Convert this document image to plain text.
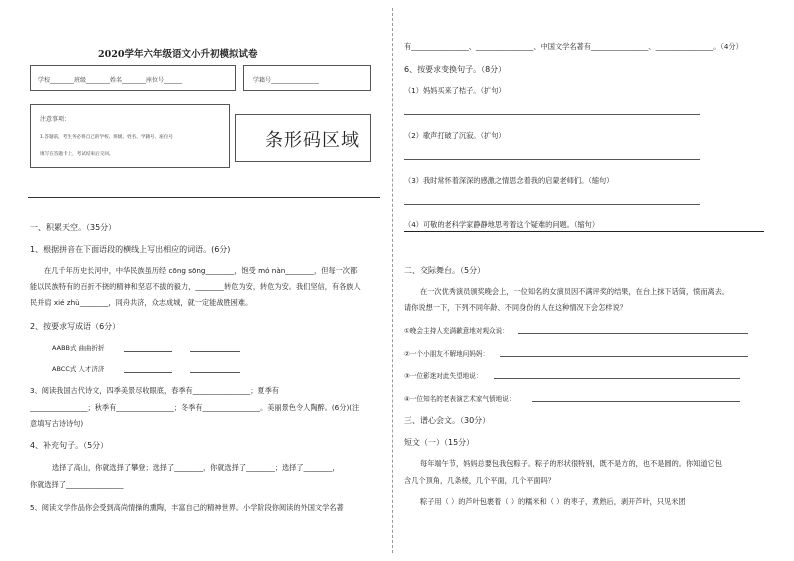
2020学年六年级语文小升初模拟试卷
学校________班级________姓名________座位号______	学籍号________________
注意事项：
1.答题前，考生务必将自己的学校、班级、姓名、学籍号、座位号
填写在答题卡上，考试结束后交回。
条形码区域
一、积累天空。（35分）
1、根据拼音在下面语段的横线上写出相应的词语。(6分)
在几千年历史长河中，中华民族虽历经 cōng sōng________，饱受 mó nàn________，但每一次都
能以民族特有的百折不挠的精神和坚忍不拔的毅力，________转危为安，转危为安。我们坚信，有各族人
民并肩 xié zhù________，同舟共济，众志成城，就一定能战胜困难。
2、按要求写成语（6分）
AABB式 曲曲折折
ABCC式 人才济济
3、阅读我国古代诗文，四季美景尽收眼底，春季有________________；夏季有
________________；秋季有________________；冬季有________________。美丽景色令人陶醉。(6分)(注
意填写古诗诗句)
4、补充句子。（5分）
选择了高山，你就选择了攀登；选择了________，你就选择了________；选择了________，
你就选择了________________
5、阅读文学作品你会受到高尚情操的熏陶，丰富自己的精神世界。小学阶段你阅读的外国文学名著
有________________、________________、中国文学名著有________________、________________。（4分）
6、按要求变换句子。（8分）
（1）妈妈买来了桔子。（扩句）
（2）歌声打破了沉寂。（扩句）
（3）我时常怀着深深的感激之情思念着我的启蒙老师们。（缩句）
（4）可敬的老科学家静静地思考着这个疑难的问题。（缩句）
二、交际舞台。（5分）
在一次优秀演员颁奖晚会上，一位知名的女演员因不满评奖的结果，在台上抹下话筒，愤而离去。
请你说想一下，下列不同年龄、不同身份的人在这种情况下会怎样说？
①晚会主持人充满歉意地对观众说：
②一个小朋友不解地问妈妈：
③一位影迷对此失望地说：
④一位知名的老表演艺术家气愤地说：
三、谱心会文。（30分）
短文（一）（15分）
每年端午节，妈妈总要包我包粽子。粽子的形状很特别，既不是方的，也不是圆的。你知道它包
含几个顶角，几条棱，几个平面，几个平面吗？
粽子用（ ）的芦叶包裹着（ ）的糯米和（ ）的枣子，煮熟后，剥开芦叶，只见米团
